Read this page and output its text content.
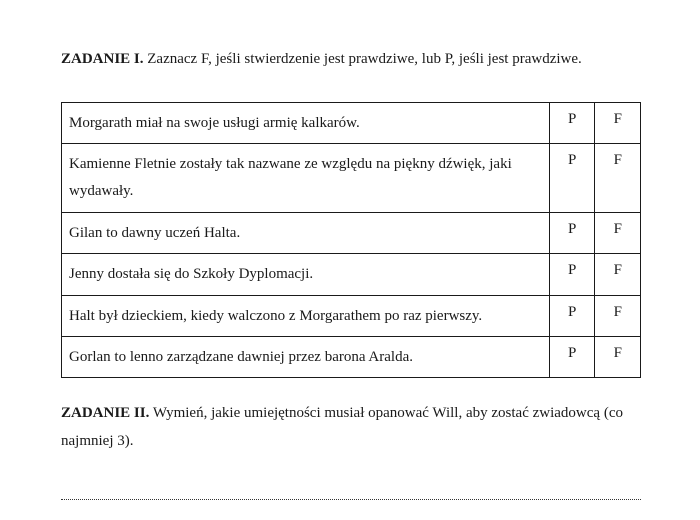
ZADANIE I. Zaznacz F, jeśli stwierdzenie jest prawdziwe, lub P, jeśli jest prawdziwe.
Morgarath miał na swoje usługi armię kalkarów.	P	F
Kamienne Fletnie zostały tak nazwane ze względu na piękny dźwięk, jaki wydawały.	P	F
Gilan to dawny uczeń Halta.	P	F
Jenny dostała się do Szkoły Dyplomacji.	P	F
Halt był dzieckiem, kiedy walczono z Morgarathem po raz pierwszy.	P	F
Gorlan to lenno zarządzane dawniej przez barona Aralda.	P	F
ZADANIE II. Wymień, jakie umiejętności musiał opanować Will, aby zostać zwiadowcą (co najmniej 3).
